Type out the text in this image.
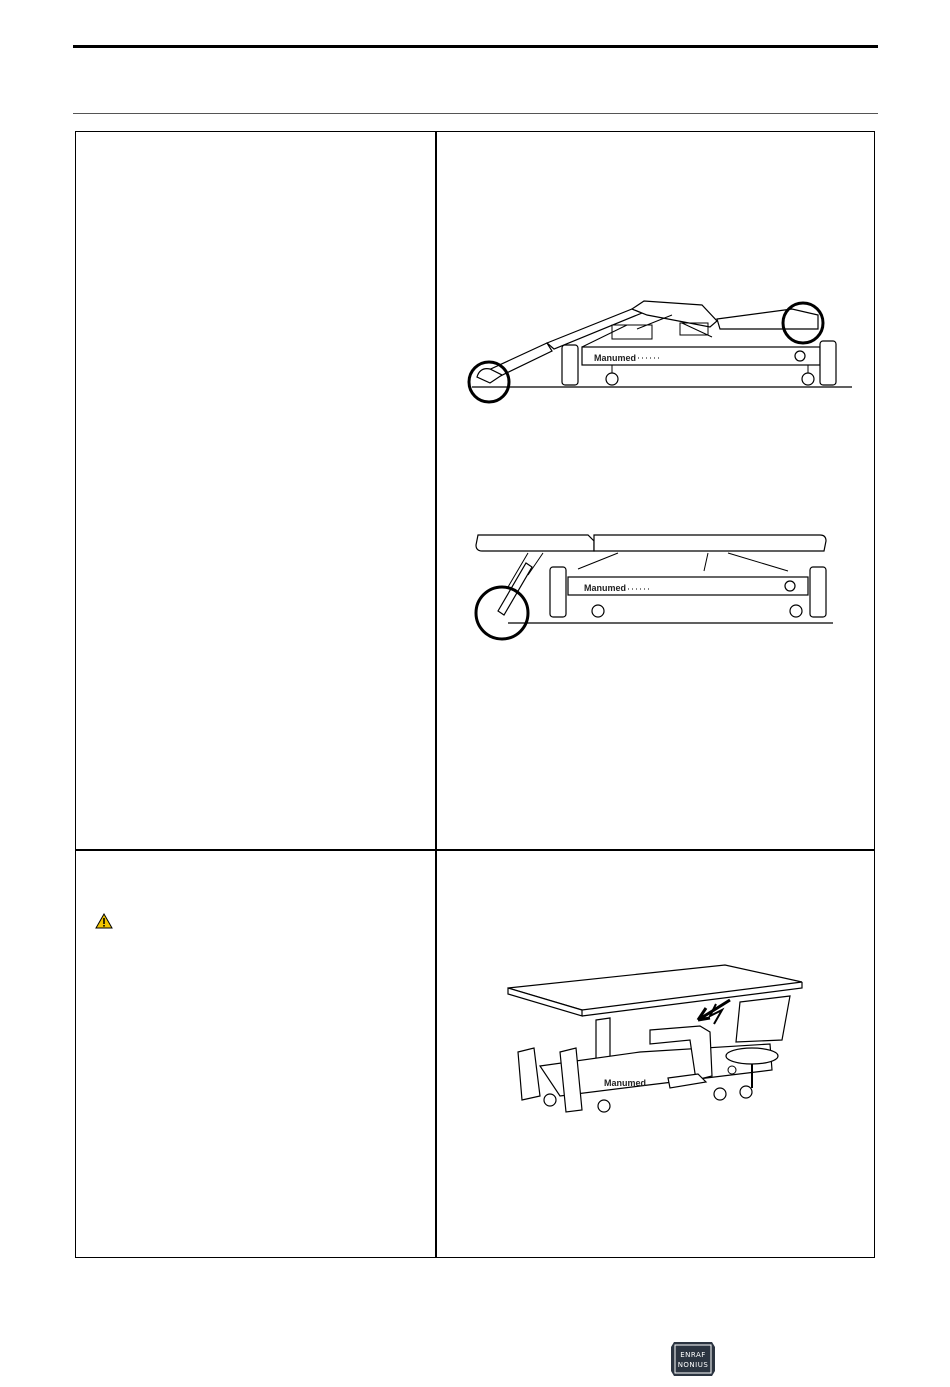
Manumed
Manumed
Manumed
ENRAF
NONIUS
